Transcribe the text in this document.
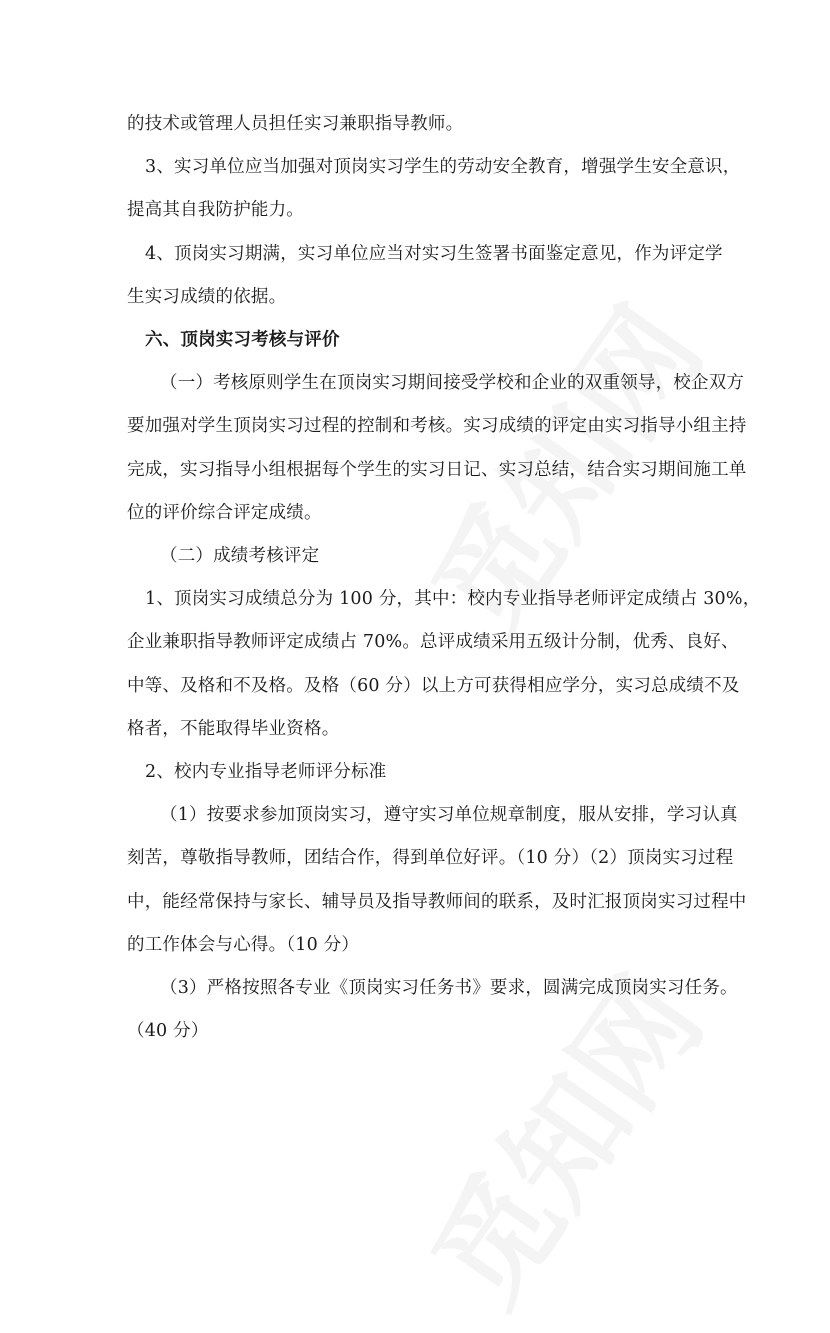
的技术或管理人员担任实习兼职指导教师。
3、实习单位应当加强对顶岗实习学生的劳动安全教育，增强学生安全意识，
提高其自我防护能力。
4、顶岗实习期满，实习单位应当对实习生签署书面鉴定意见，作为评定学
生实习成绩的依据。
六、顶岗实习考核与评价
（一）考核原则学生在顶岗实习期间接受学校和企业的双重领导，校企双方
要加强对学生顶岗实习过程的控制和考核。实习成绩的评定由实习指导小组主持
完成，实习指导小组根据每个学生的实习日记、实习总结，结合实习期间施工单
位的评价综合评定成绩。
（二）成绩考核评定
1、顶岗实习成绩总分为 100 分，其中：校内专业指导老师评定成绩占 30%，
企业兼职指导教师评定成绩占 70%。总评成绩采用五级计分制，优秀、良好、
中等、及格和不及格。及格（60 分）以上方可获得相应学分，实习总成绩不及
格者，不能取得毕业资格。
2、校内专业指导老师评分标准
（1）按要求参加顶岗实习，遵守实习单位规章制度，服从安排，学习认真
刻苦，尊敬指导教师，团结合作，得到单位好评。（10 分）（2）顶岗实习过程
中，能经常保持与家长、辅导员及指导教师间的联系，及时汇报顶岗实习过程中
的工作体会与心得。（10 分）
（3）严格按照各专业《顶岗实习任务书》要求，圆满完成顶岗实习任务。
（40 分）
